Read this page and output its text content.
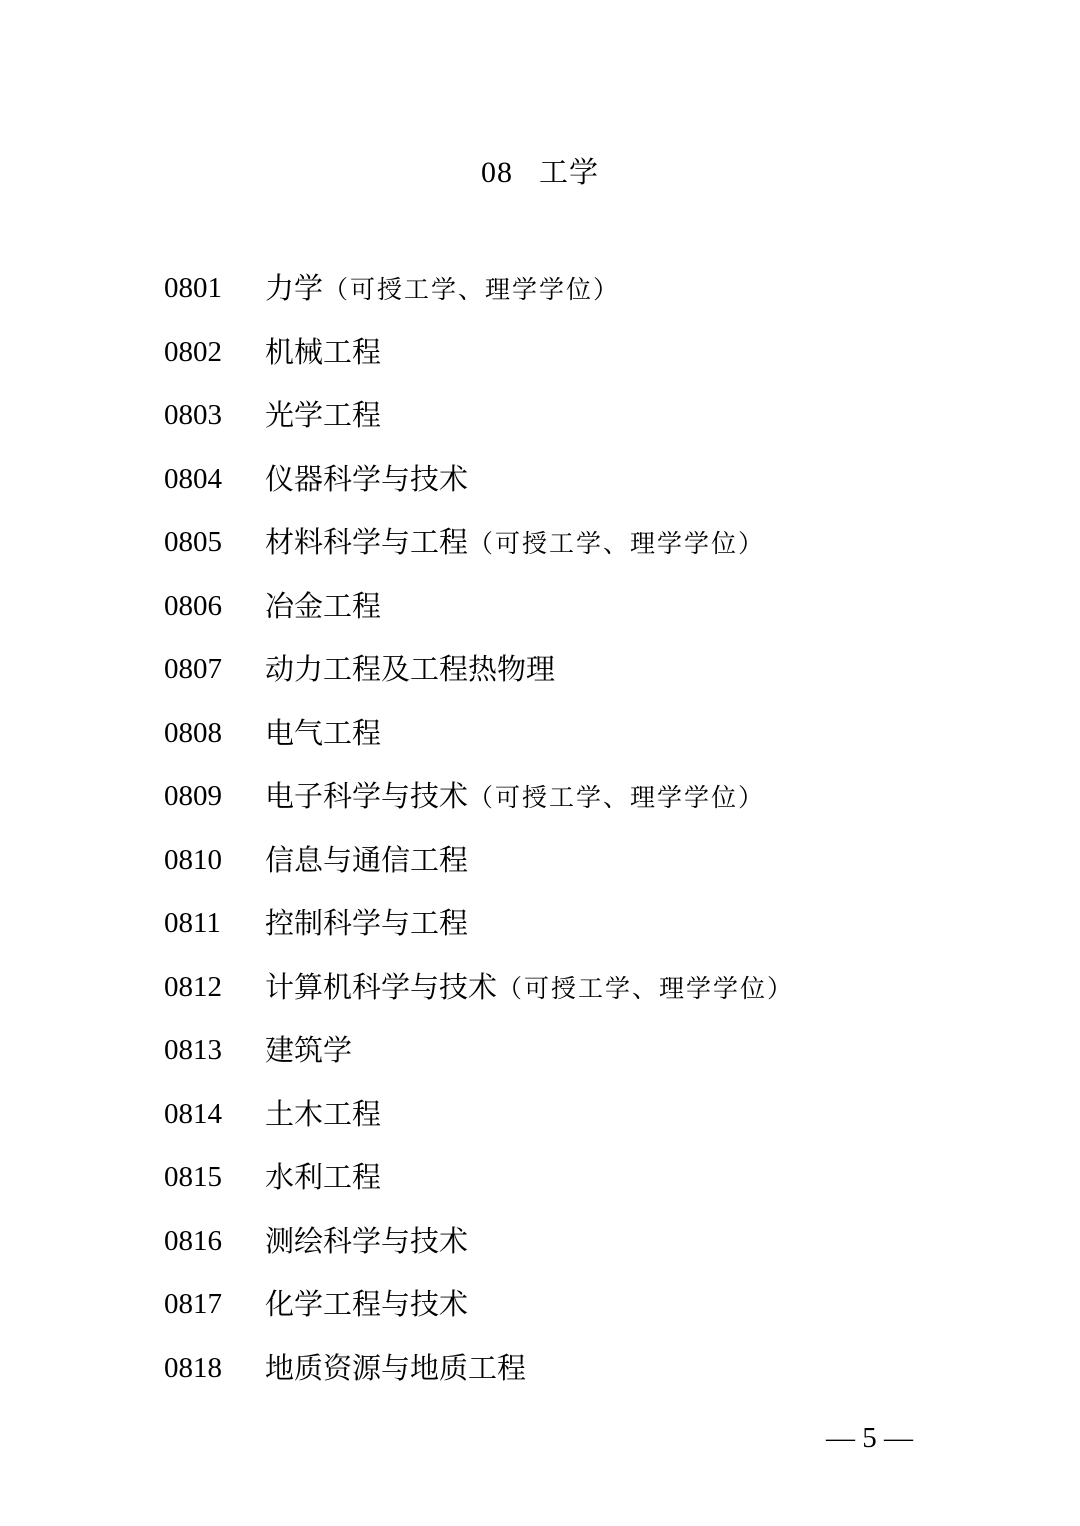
08 工学
0801 力学（可授工学、理学学位）
0802 机械工程
0803 光学工程
0804 仪器科学与技术
0805 材料科学与工程（可授工学、理学学位）
0806 冶金工程
0807 动力工程及工程热物理
0808 电气工程
0809 电子科学与技术（可授工学、理学学位）
0810 信息与通信工程
0811 控制科学与工程
0812 计算机科学与技术（可授工学、理学学位）
0813 建筑学
0814 土木工程
0815 水利工程
0816 测绘科学与技术
0817 化学工程与技术
0818 地质资源与地质工程
— 5 —
